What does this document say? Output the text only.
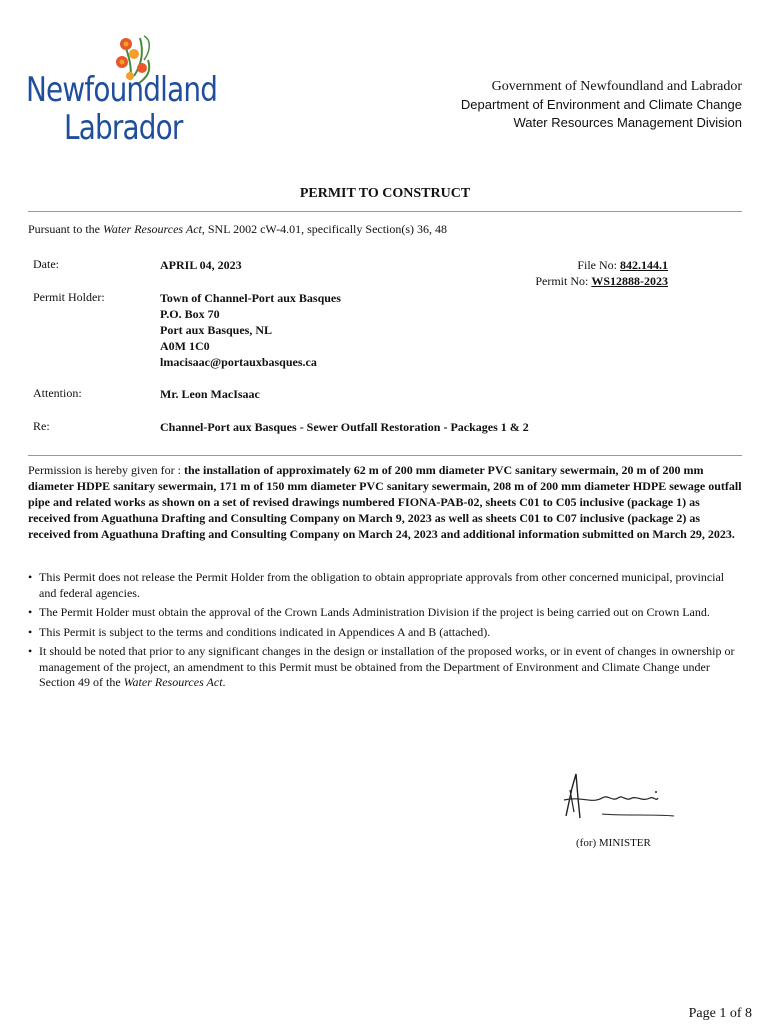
Newfoundland
Labrador
Government of Newfoundland and Labrador
Department of Environment and Climate Change
Water Resources Management Division
PERMIT TO CONSTRUCT
Pursuant to the Water Resources Act, SNL 2002 cW-4.01, specifically Section(s) 36, 48
Date:	APRIL 04, 2023	File No: 842.144.1
Permit No: WS12888-2023
Permit Holder:	Town of Channel-Port aux Basques
P.O. Box 70
Port aux Basques, NL
A0M 1C0
lmacisaac@portauxbasques.ca
Attention:	Mr. Leon MacIsaac
Re:	Channel-Port aux Basques - Sewer Outfall Restoration - Packages 1 & 2
Permission is hereby given for : the installation of approximately 62 m of 200 mm diameter PVC sanitary sewermain, 20 m of 200 mm diameter HDPE sanitary sewermain, 171 m of 150 mm diameter PVC sanitary sewermain, 208 m of 200 mm diameter HDPE sewage outfall pipe and related works as shown on a set of revised drawings numbered FIONA-PAB-02, sheets C01 to C05 inclusive (package 1) as received from Aguathuna Drafting and Consulting Company on March 9, 2023 as well as sheets C01 to C07 inclusive (package 2) as received from Aguathuna Drafting and Consulting Company on March 24, 2023 and additional information submitted on March 29, 2023.
• This Permit does not release the Permit Holder from the obligation to obtain appropriate approvals from other concerned municipal, provincial and federal agencies.
• The Permit Holder must obtain the approval of the Crown Lands Administration Division if the project is being carried out on Crown Land.
• This Permit is subject to the terms and conditions indicated in Appendices A and B (attached).
• It should be noted that prior to any significant changes in the design or installation of the proposed works, or in event of changes in ownership or management of the project, an amendment to this Permit must be obtained from the Department of Environment and Climate Change under Section 49 of the Water Resources Act.
(for) MINISTER
Page 1 of 8
